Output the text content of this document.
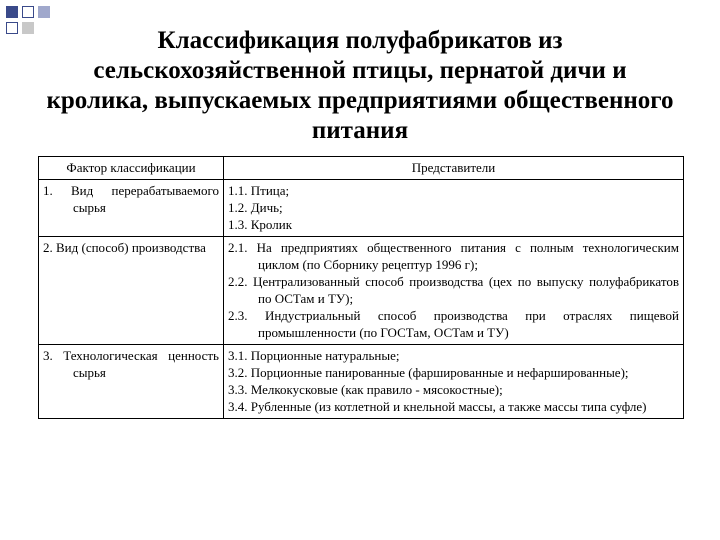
Классификация полуфабрикатов из сельскохозяйственной птицы, пернатой дичи и кролика, выпускаемых предприятиями общественного питания
Фактор классификации	Представители

1. Вид перерабатываемого сырья	1.1. Птица;
1.2. Дичь;
1.3. Кролик

2. Вид (способ) производства	2.1. На предприятиях общественного питания с полным технологическим циклом (по Сборнику рецептур 1996 г);
2.2. Централизованный способ производства (цех по выпуску полуфабрикатов по ОСТам и ТУ);
2.3. Индустриальный способ производства при отраслях пищевой промышленности (по ГОСТам, ОСТам и ТУ)

3. Технологическая ценность сырья	3.1. Порционные натуральные;
3.2. Порционные панированные (фаршированные и нефаршированные);
3.3. Мелкокусковые (как правило - мясокостные);
3.4. Рубленные (из котлетной и кнельной массы, а также массы типа суфле)
